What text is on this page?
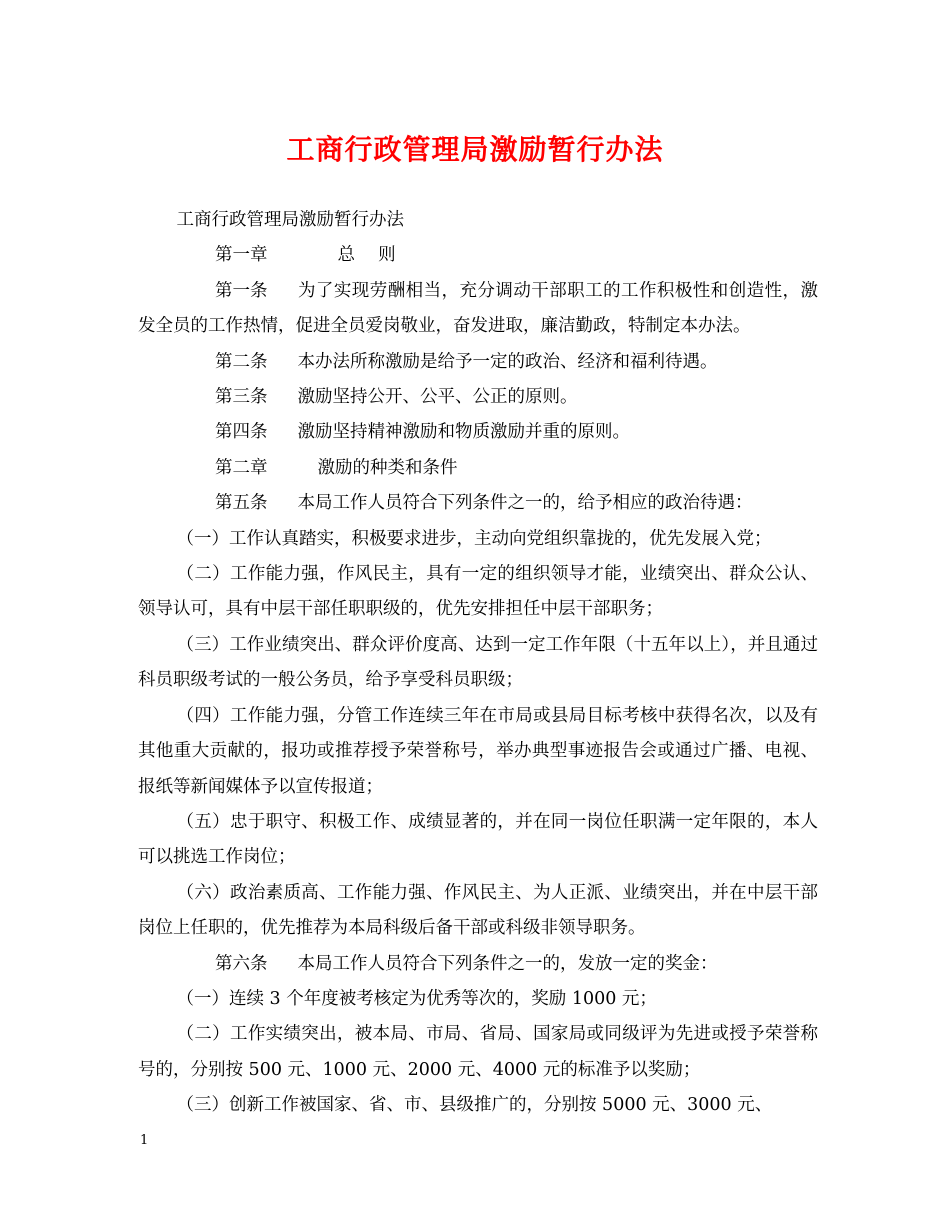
工商行政管理局激励暂行办法

工商行政管理局激励暂行办法

第一章	总　 则

第一条 为了实现劳酬相当，充分调动干部职工的工作积极性和创造性，激发全员的工作热情，促进全员爱岗敬业，奋发进取，廉洁勤政，特制定本办法。

第二条 本办法所称激励是给予一定的政治、经济和福利待遇。

第三条 激励坚持公开、公平、公正的原则。

第四条 激励坚持精神激励和物质激励并重的原则。

第二章	激励的种类和条件

第五条 本局工作人员符合下列条件之一的，给予相应的政治待遇：

（一）工作认真踏实，积极要求进步，主动向党组织靠拢的，优先发展入党；

（二）工作能力强，作风民主，具有一定的组织领导才能，业绩突出、群众公认、领导认可，具有中层干部任职职级的，优先安排担任中层干部职务；

（三）工作业绩突出、群众评价度高、达到一定工作年限（十五年以上），并且通过科员职级考试的一般公务员，给予享受科员职级；

（四）工作能力强，分管工作连续三年在市局或县局目标考核中获得名次，以及有其他重大贡献的，报功或推荐授予荣誉称号，举办典型事迹报告会或通过广播、电视、报纸等新闻媒体予以宣传报道；

（五）忠于职守、积极工作、成绩显著的，并在同一岗位任职满一定年限的，本人可以挑选工作岗位；

（六）政治素质高、工作能力强、作风民主、为人正派、业绩突出，并在中层干部岗位上任职的，优先推荐为本局科级后备干部或科级非领导职务。

第六条 本局工作人员符合下列条件之一的，发放一定的奖金：

（一）连续 3 个年度被考核定为优秀等次的，奖励 1000 元；

（二）工作实绩突出，被本局、市局、省局、国家局或同级评为先进或授予荣誉称号的，分别按 500 元、1000 元、2000 元、4000 元的标准予以奖励；

（三）创新工作被国家、省、市、县级推广的，分别按 5000 元、3000 元、

1
